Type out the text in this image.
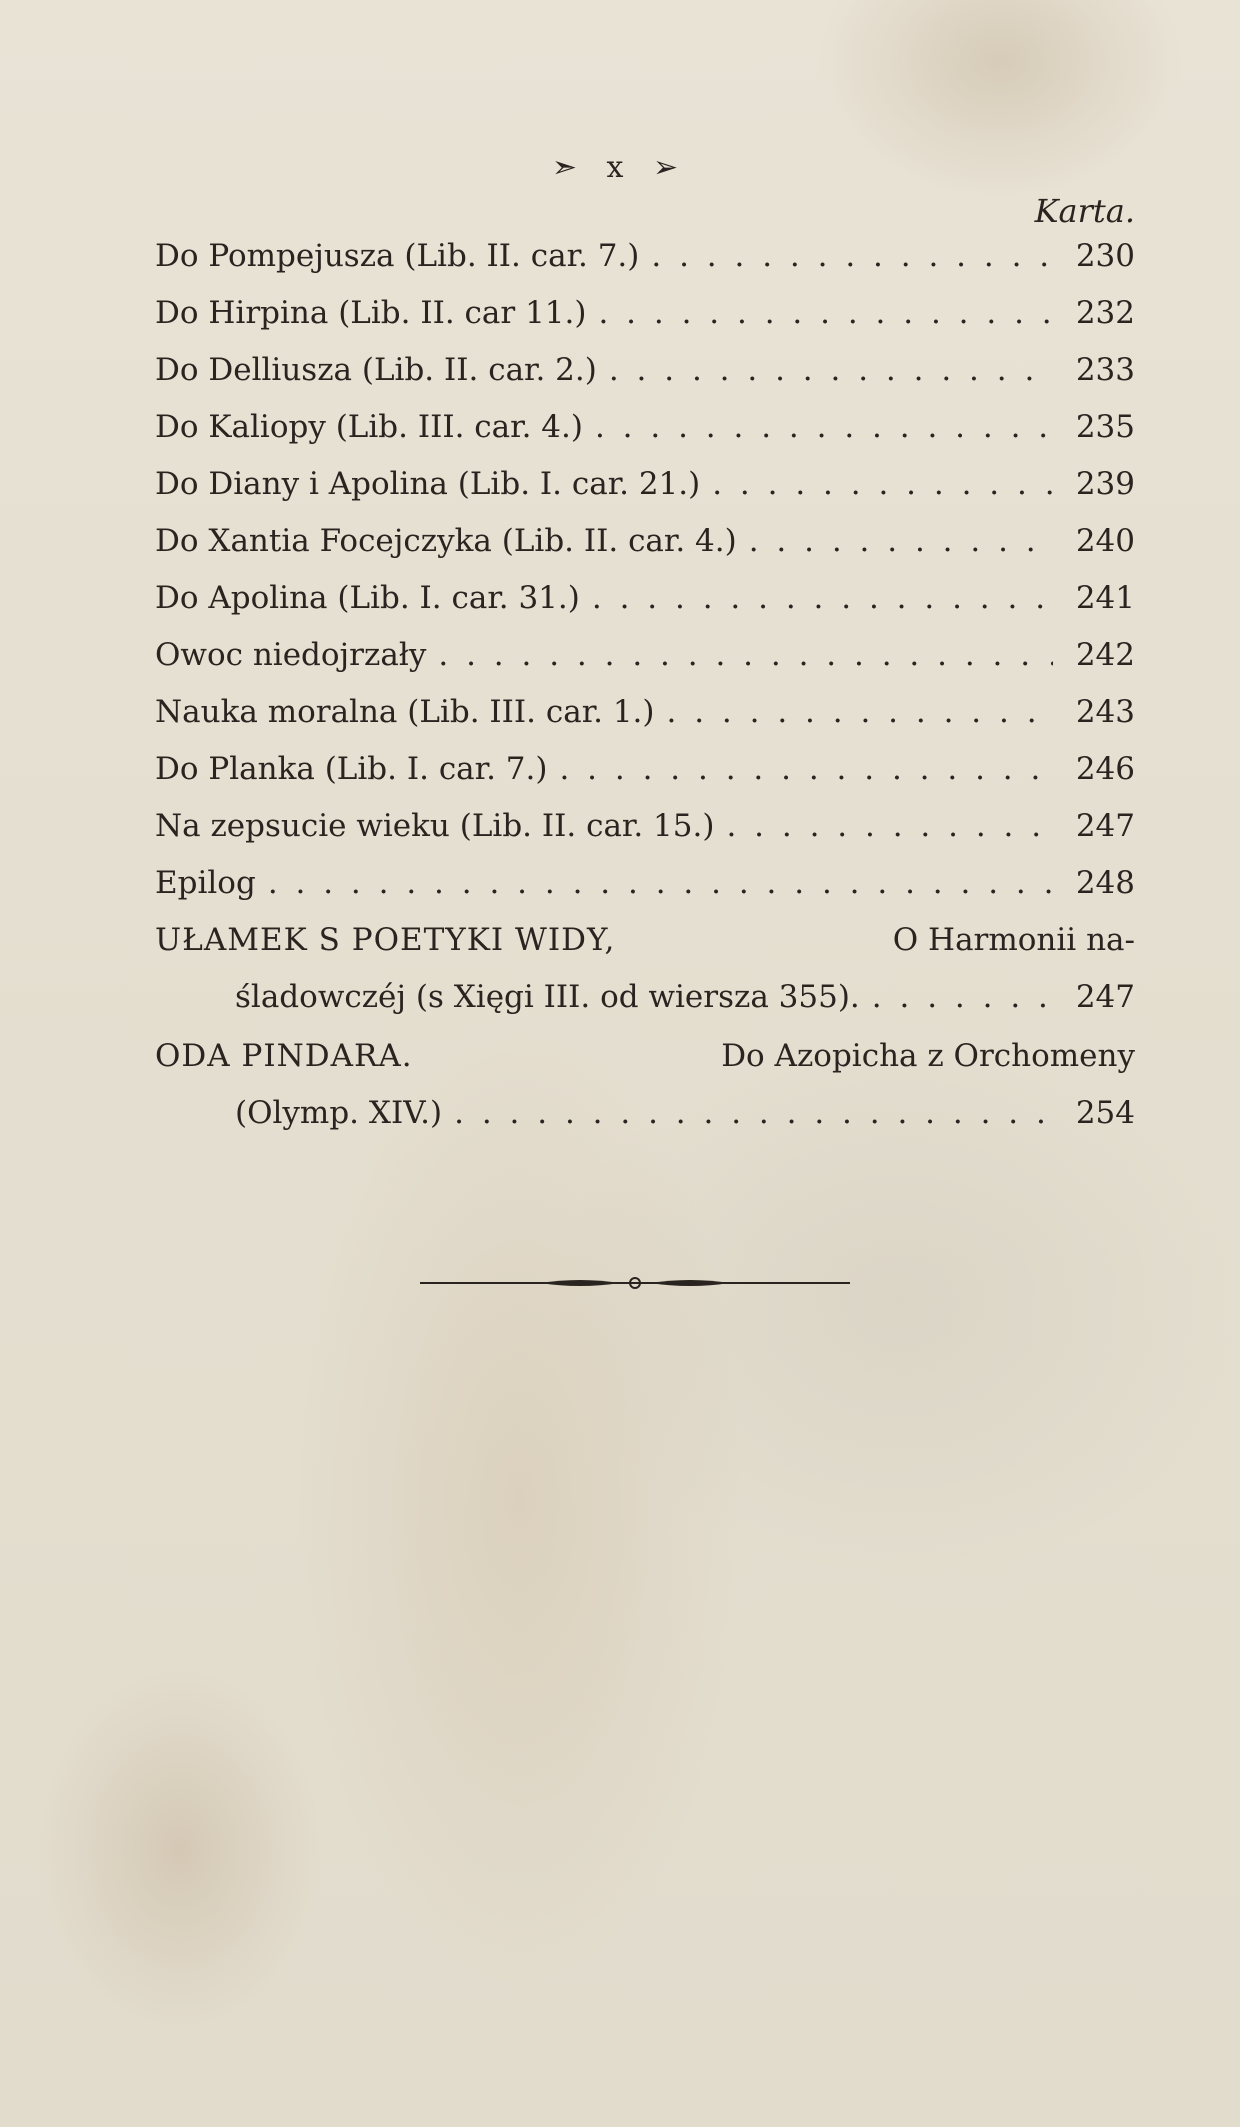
➣ x ➢
Karta.
Do Pompejusza (Lib. II. car. 7.) . . .	230
Do Hirpina (Lib. II. car 11.) . . .	232
Do Delliusza (Lib. II. car. 2.) . . .	233
Do Kaliopy (Lib. III. car. 4.) . . .	235
Do Diany i Apolina (Lib. I. car. 21.) . . .	239
Do Xantia Focejczyka (Lib. II. car. 4.) . . .	240
Do Apolina (Lib. I. car. 31.) . . .	241
Owoc niedojrzały . . .	242
Nauka moralna (Lib. III. car. 1.) . . .	243
Do Planka (Lib. I. car. 7.) . . .	246
Na zepsucie wieku (Lib. II. car. 15.) . . .	247
Epilog . . .	248
UŁAMEK S POETYKI WIDY,	O Harmonii na-
śladowczéj (s Xięgi III. od wiersza 355). . . .	247
ODA PINDARA.	Do Azopicha z Orchomeny
(Olymp. XIV.) . . .	254
